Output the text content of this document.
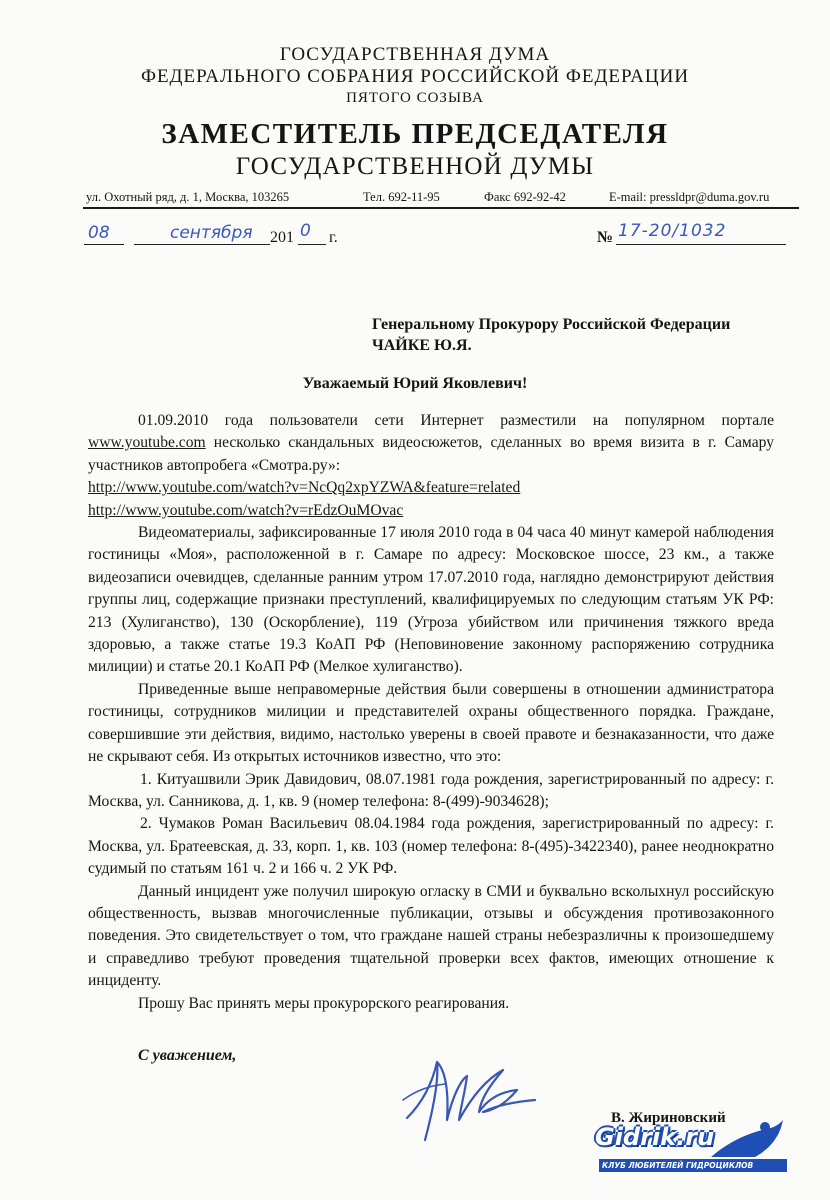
ГОСУДАРСТВЕННАЯ ДУМА
ФЕДЕРАЛЬНОГО СОБРАНИЯ РОССИЙСКОЙ ФЕДЕРАЦИИ
ПЯТОГО СОЗЫВА
ЗАМЕСТИТЕЛЬ ПРЕДСЕДАТЕЛЯ
ГОСУДАРСТВЕННОЙ ДУМЫ
ул. Охотный ряд, д. 1, Москва, 103265	Тел. 692-11-95	Факс 692-92-42	E-mail: pressldpr@duma.gov.ru
08	сентября 201 0 г.	№ 17-20/1032
Генеральному Прокурору Российской Федерации
ЧАЙКЕ Ю.Я.
Уважаемый Юрий Яковлевич!

01.09.2010 года пользователи сети Интернет разместили на популярном портале www.youtube.com несколько скандальных видеосюжетов, сделанных во время визита в г. Самару участников автопробега «Смотра.ру»:

http://www.youtube.com/watch?v=NcQq2xpYZWA&feature=related

http://www.youtube.com/watch?v=rEdzOuMOvac

Видеоматериалы, зафиксированные 17 июля 2010 года в 04 часа 40 минут камерой наблюдения гостиницы «Моя», расположенной в г. Самаре по адресу: Московское шоссе, 23 км., а также видеозаписи очевидцев, сделанные ранним утром 17.07.2010 года, наглядно демонстрируют действия группы лиц, содержащие признаки преступлений, квалифицируемых по следующим статьям УК РФ: 213 (Хулиганство), 130 (Оскорбление), 119 (Угроза убийством или причинения тяжкого вреда здоровью, а также статье 19.3 КоАП РФ (Неповиновение законному распоряжению сотрудника милиции) и статье 20.1 КоАП РФ (Мелкое хулиганство).

Приведенные выше неправомерные действия были совершены в отношении администратора гостиницы, сотрудников милиции и представителей охраны общественного порядка. Граждане, совершившие эти действия, видимо, настолько уверены в своей правоте и безнаказанности, что даже не скрывают себя. Из открытых источников известно, что это:

1. Китуашвили Эрик Давидович, 08.07.1981 года рождения, зарегистрированный по адресу: г. Москва, ул. Санникова, д. 1, кв. 9 (номер телефона: 8-(499)-9034628);

2. Чумаков Роман Васильевич 08.04.1984 года рождения, зарегистрированный по адресу: г. Москва, ул. Братеевская, д. 33, корп. 1, кв. 103 (номер телефона: 8-(495)-3422340), ранее неоднократно судимый по статьям 161 ч. 2 и 166 ч. 2 УК РФ.

Данный инцидент уже получил широкую огласку в СМИ и буквально всколыхнул российскую общественность, вызвав многочисленные публикации, отзывы и обсуждения противозаконного поведения. Это свидетельствует о том, что граждане нашей страны небезразличны к произошедшему и справедливо требуют проведения тщательной проверки всех фактов, имеющих отношение к инциденту.

Прошу Вас принять меры прокурорского реагирования.

С уважением,
В. Жириновский
Gidrik.ru
КЛУБ ЛЮБИТЕЛЕЙ ГИДРОЦИКЛОВ
